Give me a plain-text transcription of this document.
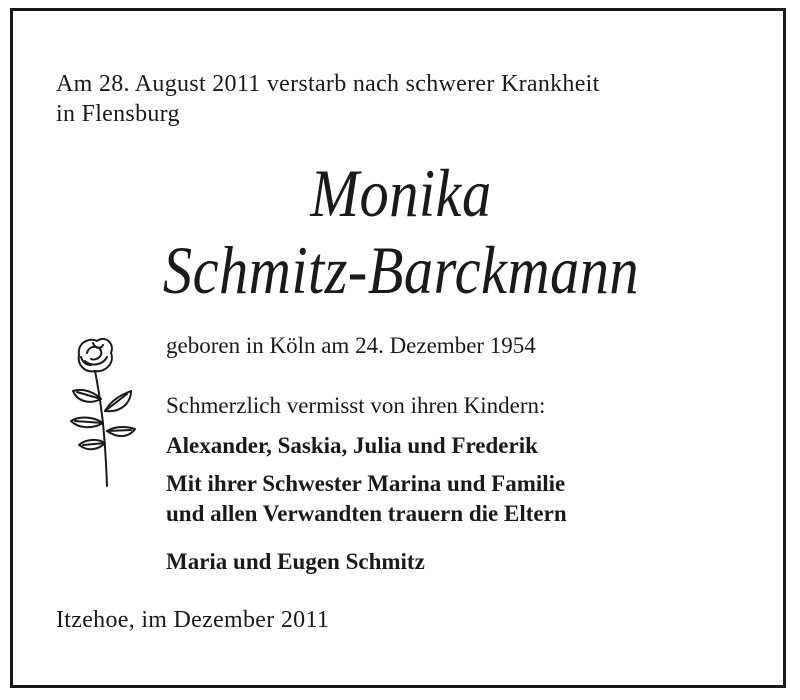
Am 28. August 2011 verstarb nach schwerer Krankheit
in Flensburg
Monika
Schmitz-Barckmann
geboren in Köln am 24. Dezember 1954
Schmerzlich vermisst von ihren Kindern:
Alexander, Saskia, Julia und Frederik
Mit ihrer Schwester Marina und Familie
und allen Verwandten trauern die Eltern
Maria und Eugen Schmitz
Itzehoe, im Dezember 2011
